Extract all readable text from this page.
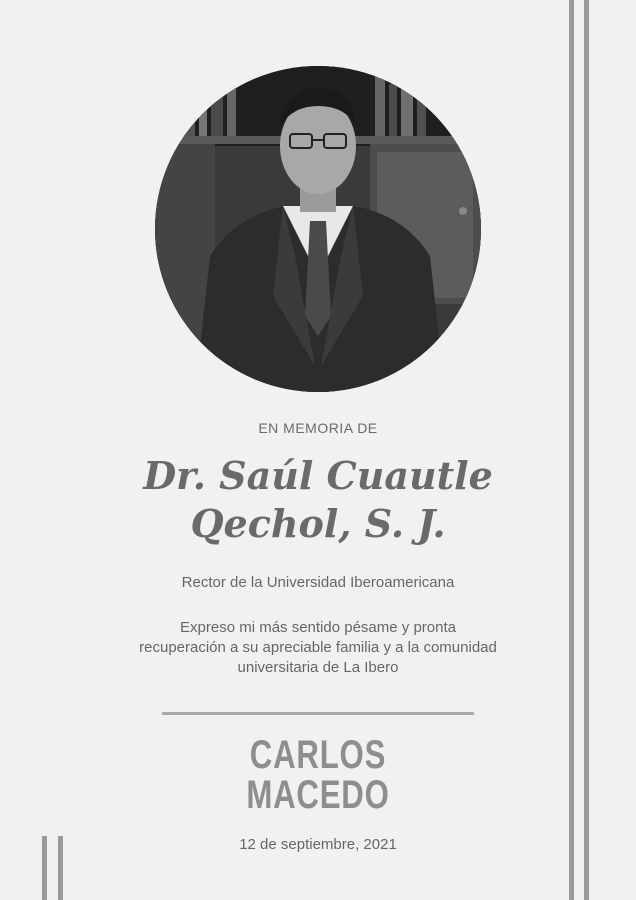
EN MEMORIA DE
Dr. Saúl Cuautle
Qechol, S. J.
Rector de la Universidad Iberoamericana
Expreso mi más sentido pésame y pronta
recuperación a su apreciable familia y a la comunidad
universitaria de La Ibero
CARLOS
MACEDO
12 de septiembre, 2021
